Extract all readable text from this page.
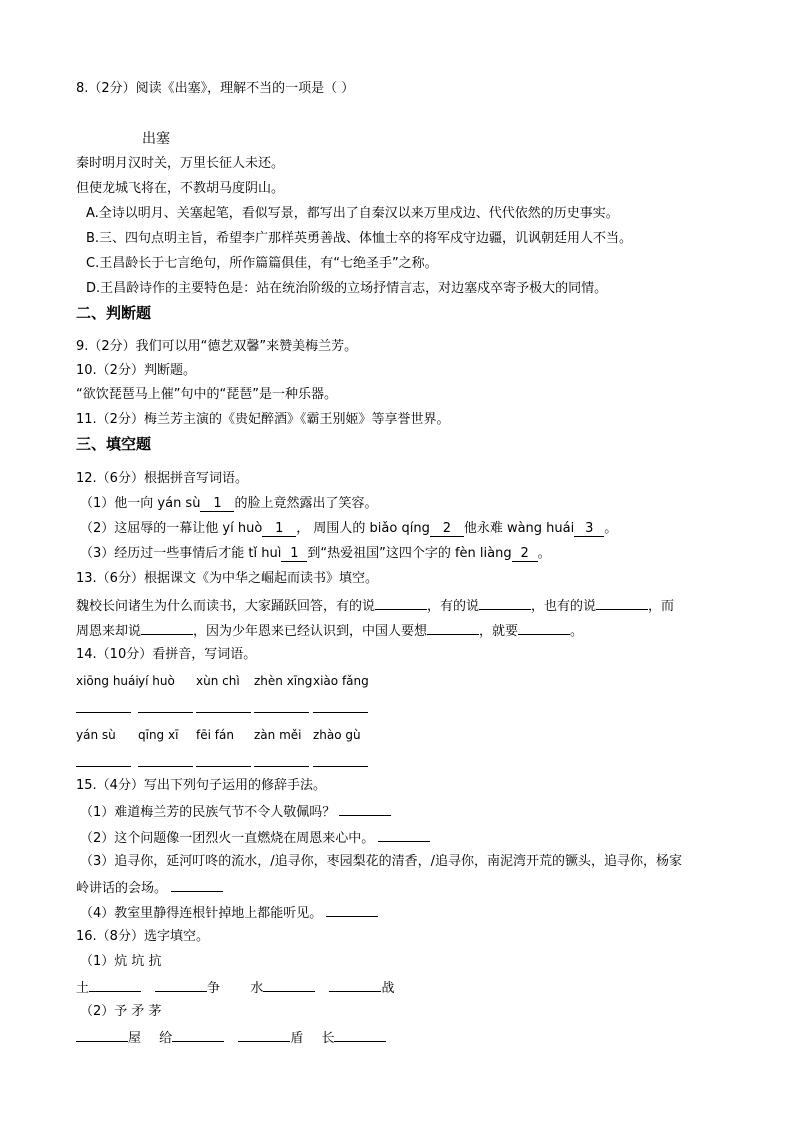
8.（2分）阅读《出塞》，理解不当的一项是（ ）
出塞
秦时明月汉时关，万里长征人未还。
但使龙城飞将在，不教胡马度阴山。
A.全诗以明月、关塞起笔，看似写景，都写出了自秦汉以来万里戍边、代代依然的历史事实。
B.三、四句点明主旨，希望李广那样英勇善战、体恤士卒的将军戍守边疆，讥讽朝廷用人不当。
C.王昌龄长于七言绝句，所作篇篇俱佳，有“七绝圣手”之称。
D.王昌龄诗作的主要特色是：站在统治阶级的立场抒情言志，对边塞戍卒寄予极大的同情。
二、判断题
9.（2分）我们可以用“德艺双馨”来赞美梅兰芳。
10.（2分）判断题。
“欲饮琵琶马上催”句中的“琵琶”是一种乐器。
11.（2分）梅兰芳主演的《贵妃醉酒》《霸王别姬》等享誉世界。
三、填空题
12.（6分）根据拼音写词语。
（1）他一向 yán sù 1 的脸上竟然露出了笑容。
（2）这屈辱的一幕让他 yí huò 1 ， 周围人的 biǎo qíng 2 他永难 wàng huái 3 。
（3）经历过一些事情后才能 tǐ huì 1 到“热爱祖国”这四个字的 fèn liàng 2 。
13.（6分）根据课文《为中华之崛起而读书》填空。
魏校长问诸生为什么而读书，大家踊跃回答，有的说	，有的说	，也有的说	，而
周恩来却说	，因为少年恩来已经认识到，中国人要想	，就要	。
14.（10分）看拼音，写词语。
xiōng huái yí huò xùn chì zhèn xīng xiào fǎng
yán sù qīng xī fēi fán zàn měi zhào gù
15.（4分）写出下列句子运用的修辞手法。
（1）难道梅兰芳的民族气节不令人敬佩吗？
（2）这个问题像一团烈火一直燃烧在周恩来心中。
（3）追寻你，延河叮咚的流水，/追寻你，枣园梨花的清香，/追寻你，南泥湾开荒的镢头，追寻你，杨家
岭讲话的会场。
（4）教室里静得连根针掉地上都能听见。
16.（8分）选字填空。
（1）炕 坑 抗
土	争 水	战
（2）予 矛 茅
屋 给	盾 长
